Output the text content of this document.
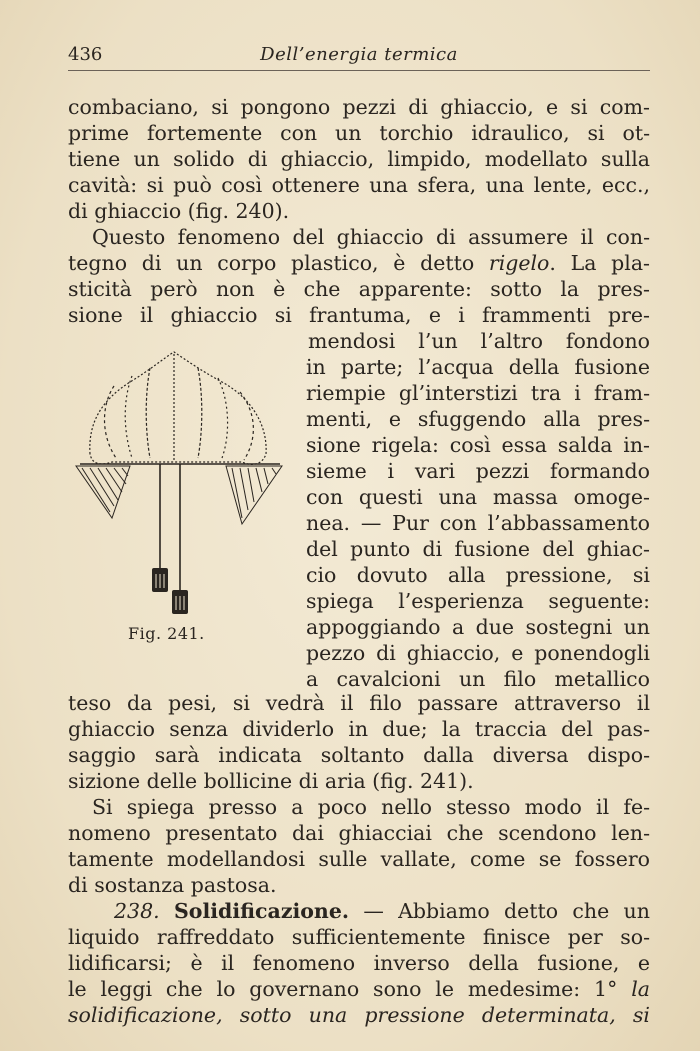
436	Dell’energia termica
combaciano, si pongono pezzi di ghiaccio, e si com-
prime fortemente con un torchio idraulico, si ot-
tiene un solido di ghiaccio, limpido, modellato sulla
cavità: si può così ottenere una sfera, una lente, ecc.,
di ghiaccio (fig. 240).
Questo fenomeno del ghiaccio di assumere il con-
tegno di un corpo plastico, è detto rigelo. La pla-
sticità però non è che apparente: sotto la pres-
sione il ghiaccio si frantuma, e i frammenti pre-
mendosi l’un l’altro fondono
in parte; l’acqua della fusione
riempie gl’interstizi tra i fram-
menti, e sfuggendo alla pres-
sione rigela: così essa salda in-
sieme i vari pezzi formando
con questi una massa omoge-
nea. — Pur con l’abbassamento
del punto di fusione del ghiac-
cio dovuto alla pressione, si
spiega l’esperienza seguente:
appoggiando a due sostegni un
pezzo di ghiaccio, e ponendogli
a cavalcioni un filo metallico
teso da pesi, si vedrà il filo passare attraverso il
ghiaccio senza dividerlo in due; la traccia del pas-
saggio sarà indicata soltanto dalla diversa dispo-
sizione delle bollicine di aria (fig. 241).
Si spiega presso a poco nello stesso modo il fe-
nomeno presentato dai ghiacciai che scendono len-
tamente modellandosi sulle vallate, come se fossero
di sostanza pastosa.
238. Solidificazione. — Abbiamo detto che un
liquido raffreddato sufficientemente finisce per so-
lidificarsi; è il fenomeno inverso della fusione, e
le leggi che lo governano sono le medesime: 1° la
solidificazione, sotto una pressione determinata, si
Fig. 241.
